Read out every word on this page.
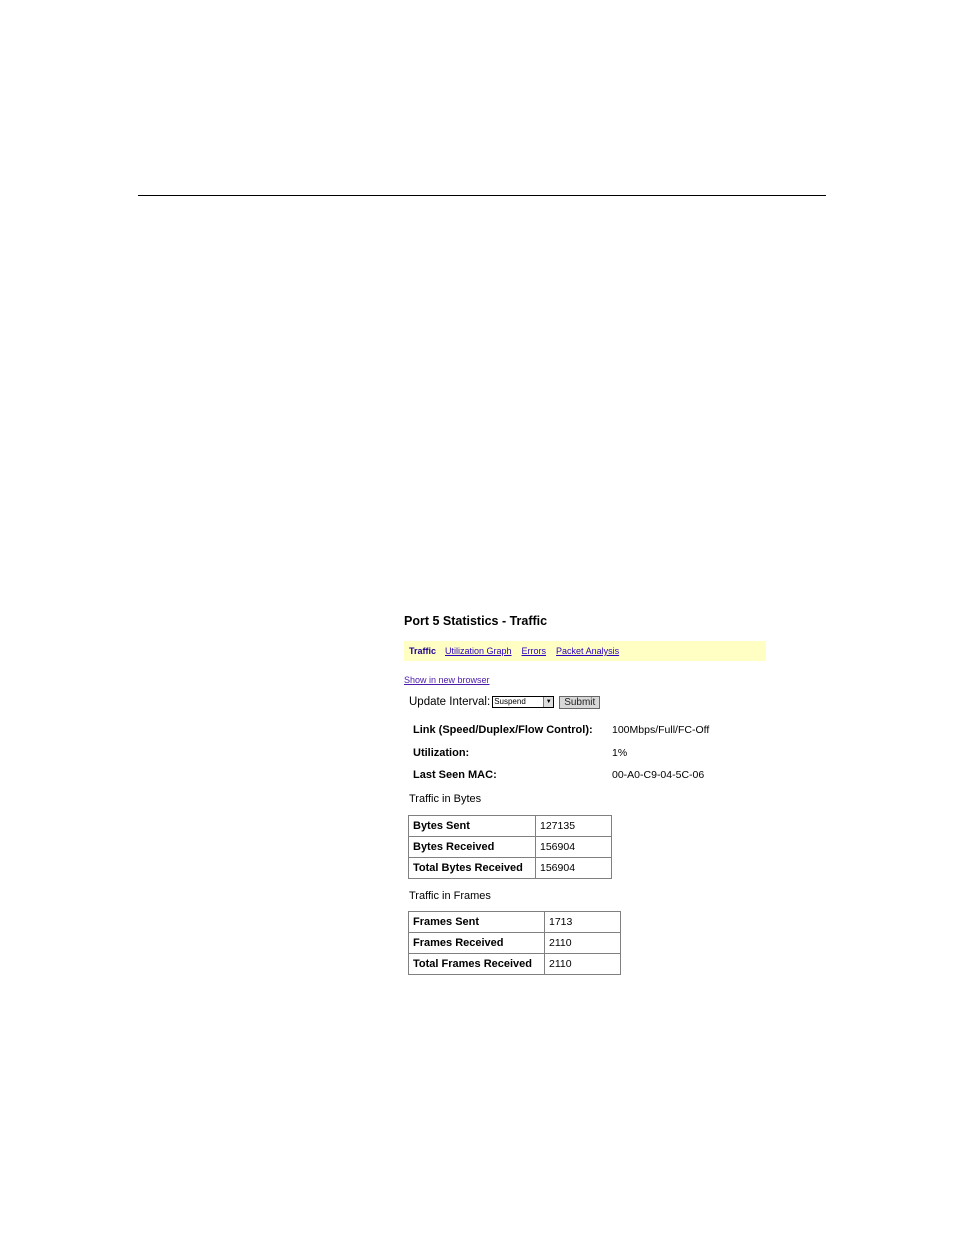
Port 5 Statistics - Traffic
Traffic Utilization Graph Errors Packet Analysis
Show in new browser
Update Interval: Suspend	▼	Submit
Link (Speed/Duplex/Flow Control):	100Mbps/Full/FC-Off
Utilization:	1%
Last Seen MAC:	00-A0-C9-04-5C-06
Traffic in Bytes
Bytes Sent	127135
Bytes Received	156904
Total Bytes Received	156904
Traffic in Frames
Frames Sent	1713
Frames Received	2110
Total Frames Received	2110
